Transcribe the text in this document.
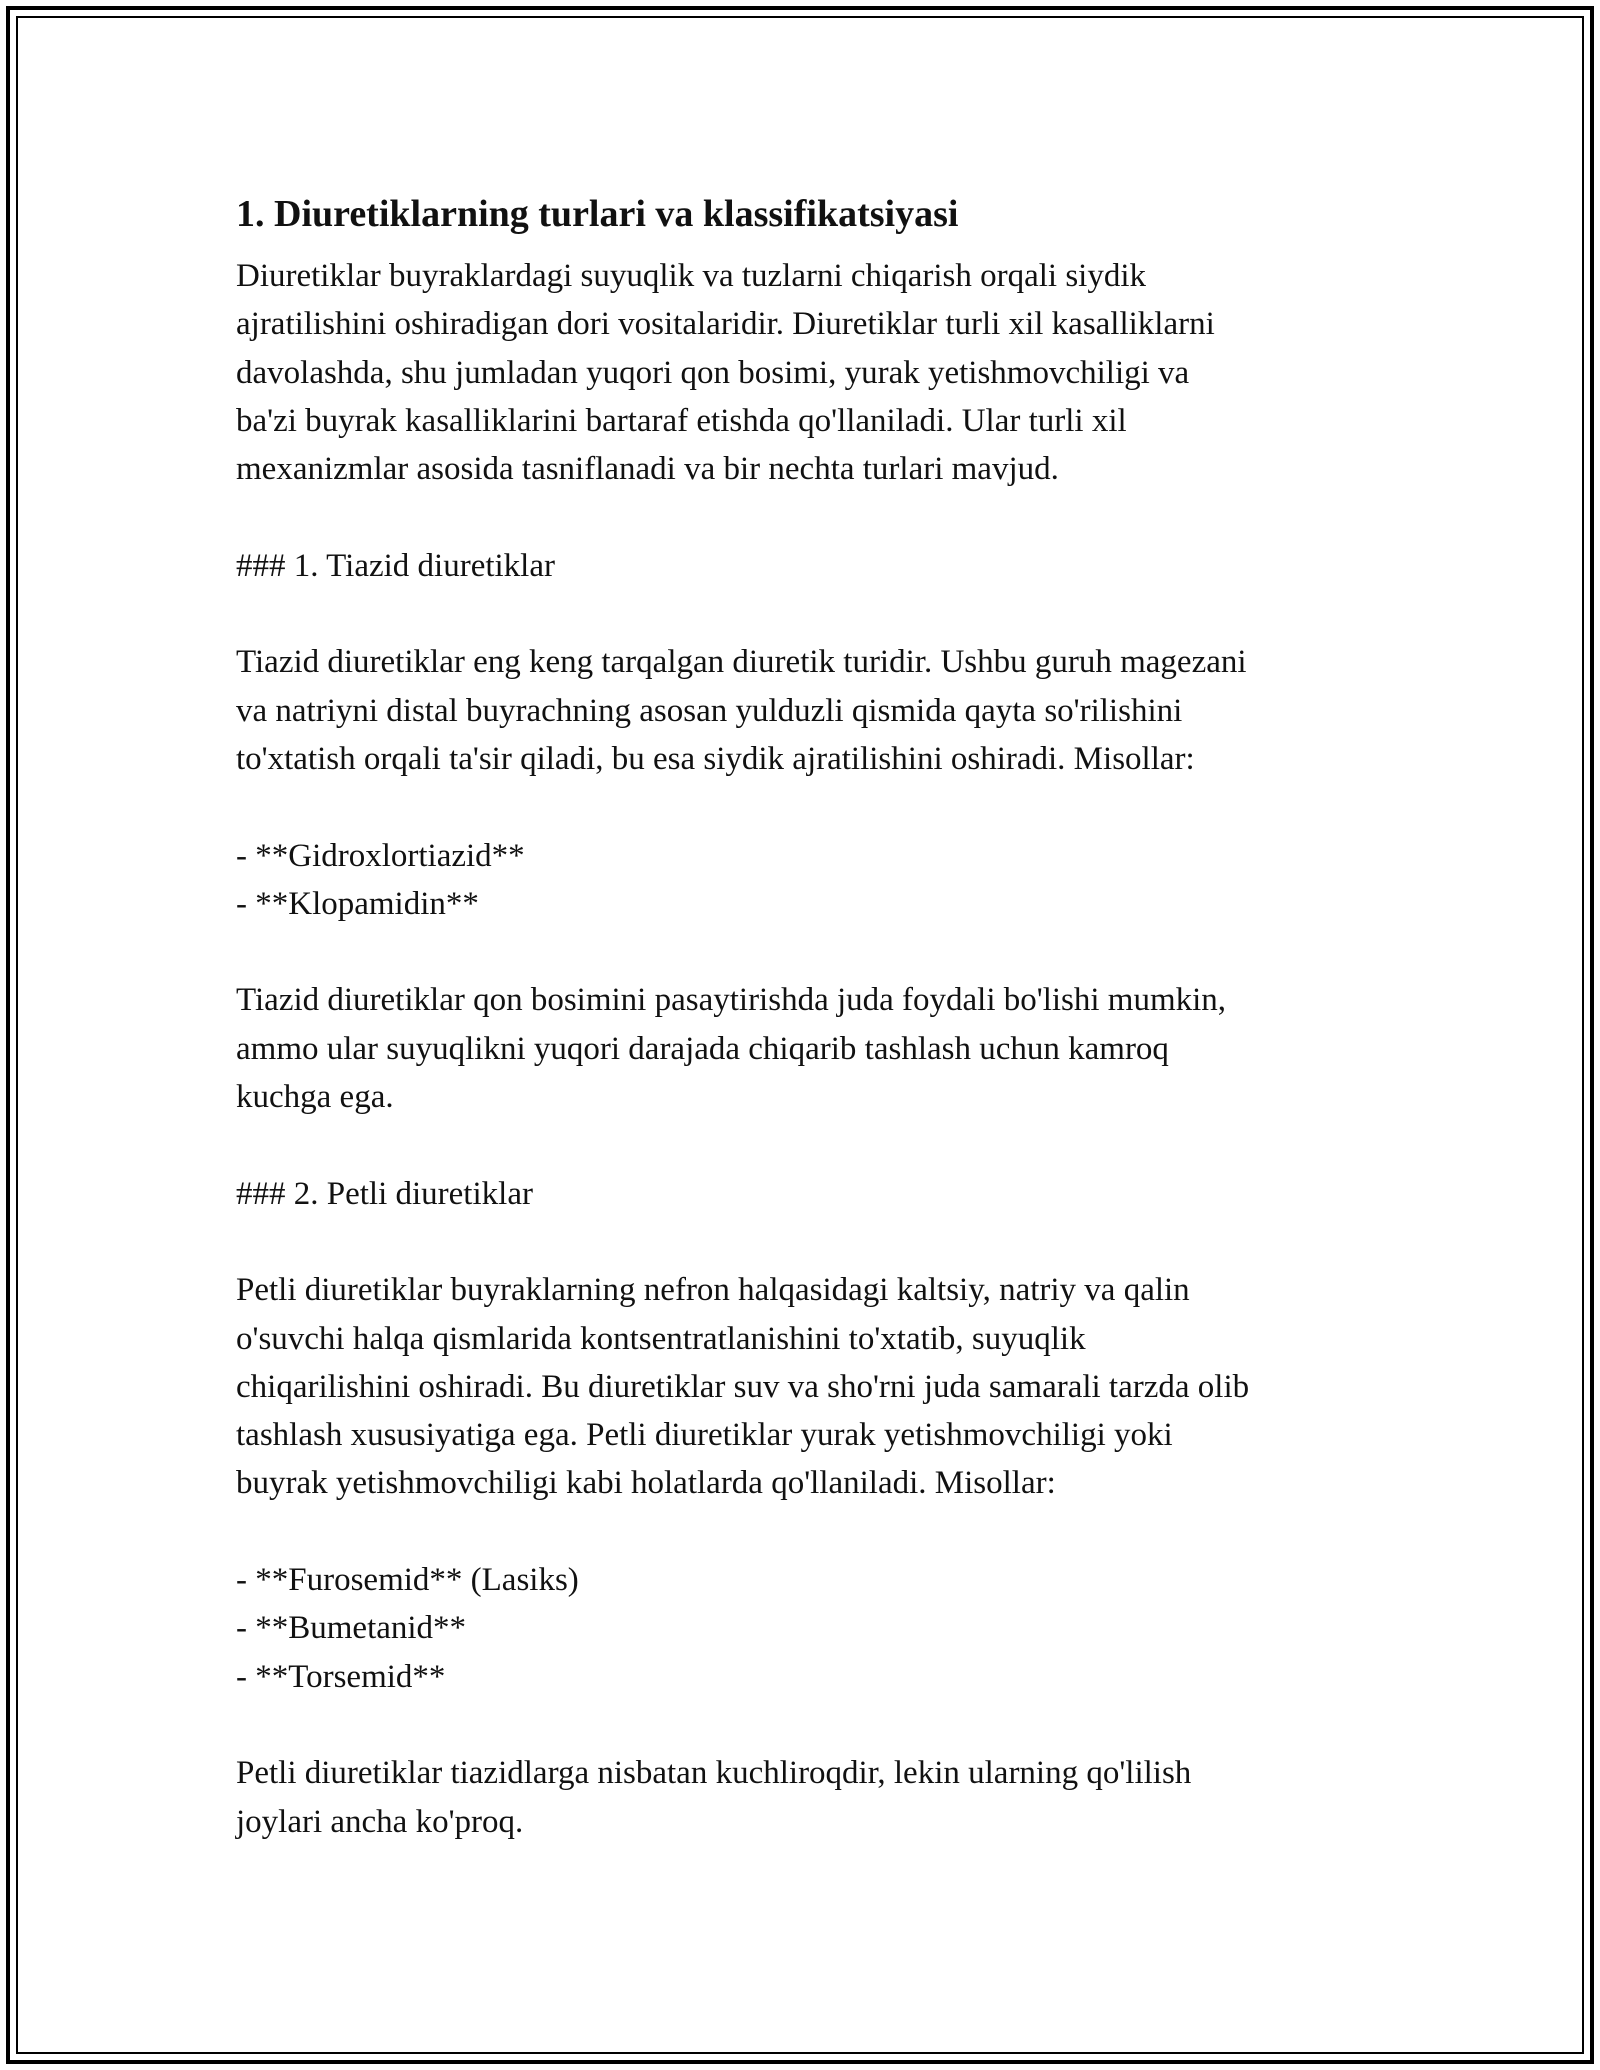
1. Diuretiklarning turlari va klassifikatsiyasi
Diuretiklar buyraklardagi suyuqlik va tuzlarni chiqarish orqali siydik
ajratilishini oshiradigan dori vositalaridir. Diuretiklar turli xil kasalliklarni
davolashda, shu jumladan yuqori qon bosimi, yurak yetishmovchiligi va
ba'zi buyrak kasalliklarini bartaraf etishda qo'llaniladi. Ular turli xil
mexanizmlar asosida tasniflanadi va bir nechta turlari mavjud.
### 1. Tiazid diuretiklar
Tiazid diuretiklar eng keng tarqalgan diuretik turidir. Ushbu guruh magezani
va natriyni distal buyrachning asosan yulduzli qismida qayta so'rilishini
to'xtatish orqali ta'sir qiladi, bu esa siydik ajratilishini oshiradi. Misollar:
- **Gidroxlortiazid**
- **Klopamidin**
Tiazid diuretiklar qon bosimini pasaytirishda juda foydali bo'lishi mumkin,
ammo ular suyuqlikni yuqori darajada chiqarib tashlash uchun kamroq
kuchga ega.
### 2. Petli diuretiklar
Petli diuretiklar buyraklarning nefron halqasidagi kaltsiy, natriy va qalin
o'suvchi halqa qismlarida kontsentratlanishini to'xtatib, suyuqlik
chiqarilishini oshiradi. Bu diuretiklar suv va sho'rni juda samarali tarzda olib
tashlash xususiyatiga ega. Petli diuretiklar yurak yetishmovchiligi yoki
buyrak yetishmovchiligi kabi holatlarda qo'llaniladi. Misollar:
- **Furosemid** (Lasiks)
- **Bumetanid**
- **Torsemid**
Petli diuretiklar tiazidlarga nisbatan kuchliroqdir, lekin ularning qo'lilish
joylari ancha ko'proq.
